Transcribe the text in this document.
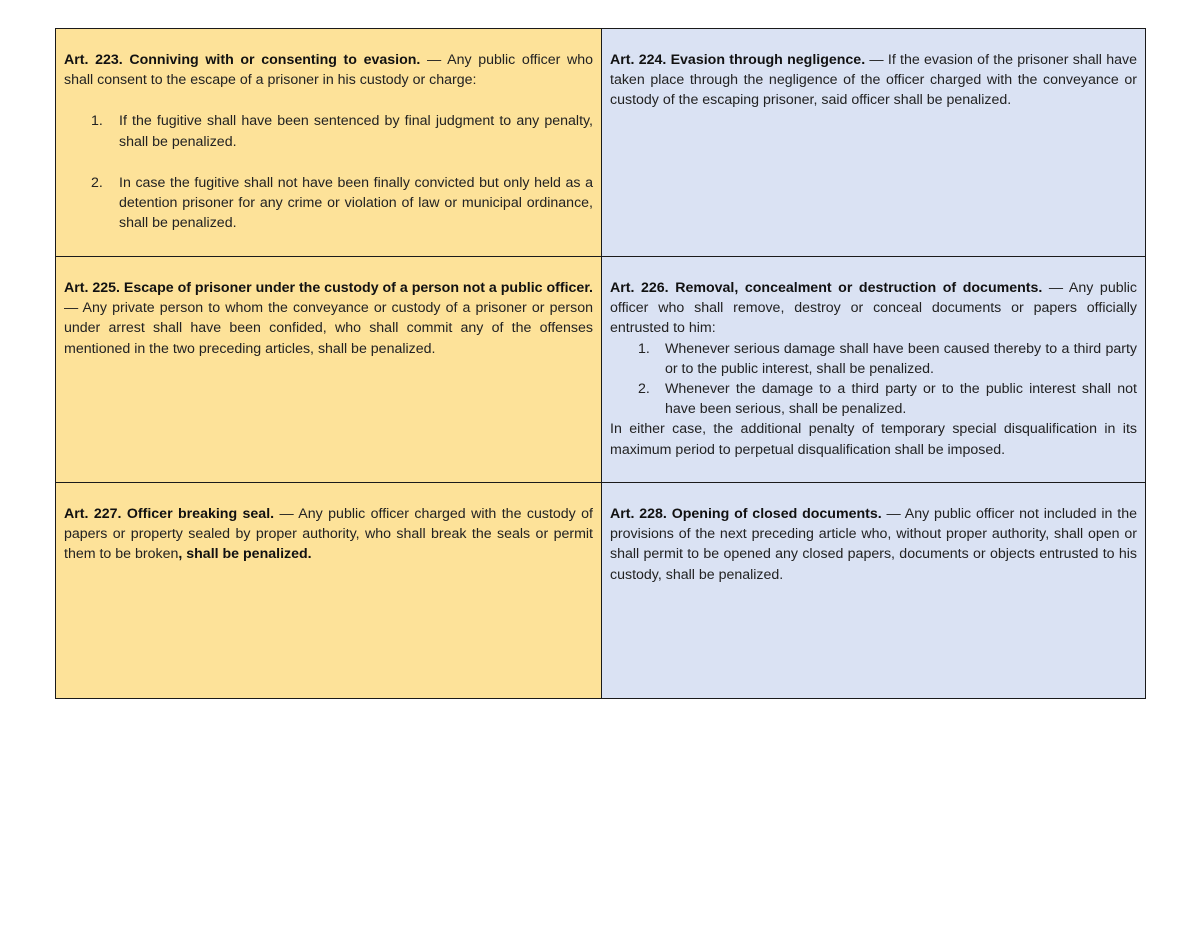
Art. 223. Conniving with or consenting to evasion. — Any public officer who shall consent to the escape of a prisoner in his custody or charge:

1. If the fugitive shall have been sentenced by final judgment to any penalty, shall be penalized.
2. In case the fugitive shall not have been finally convicted but only held as a detention prisoner for any crime or violation of law or municipal ordinance, shall be penalized.

Art. 224. Evasion through negligence. — If the evasion of the prisoner shall have taken place through the negligence of the officer charged with the conveyance or custody of the escaping prisoner, said officer shall be penalized.

Art. 225. Escape of prisoner under the custody of a person not a public officer. — Any private person to whom the conveyance or custody of a prisoner or person under arrest shall have been confided, who shall commit any of the offenses mentioned in the two preceding articles, shall be penalized.

Art. 226. Removal, concealment or destruction of documents. — Any public officer who shall remove, destroy or conceal documents or papers officially entrusted to him:

1. Whenever serious damage shall have been caused thereby to a third party or to the public interest, shall be penalized.
2. Whenever the damage to a third party or to the public interest shall not have been serious, shall be penalized.

In either case, the additional penalty of temporary special disqualification in its maximum period to perpetual disqualification shall be imposed.

Art. 227. Officer breaking seal. — Any public officer charged with the custody of papers or property sealed by proper authority, who shall break the seals or permit them to be broken, shall be penalized.

Art. 228. Opening of closed documents. — Any public officer not included in the provisions of the next preceding article who, without proper authority, shall open or shall permit to be opened any closed papers, documents or objects entrusted to his custody, shall be penalized.
